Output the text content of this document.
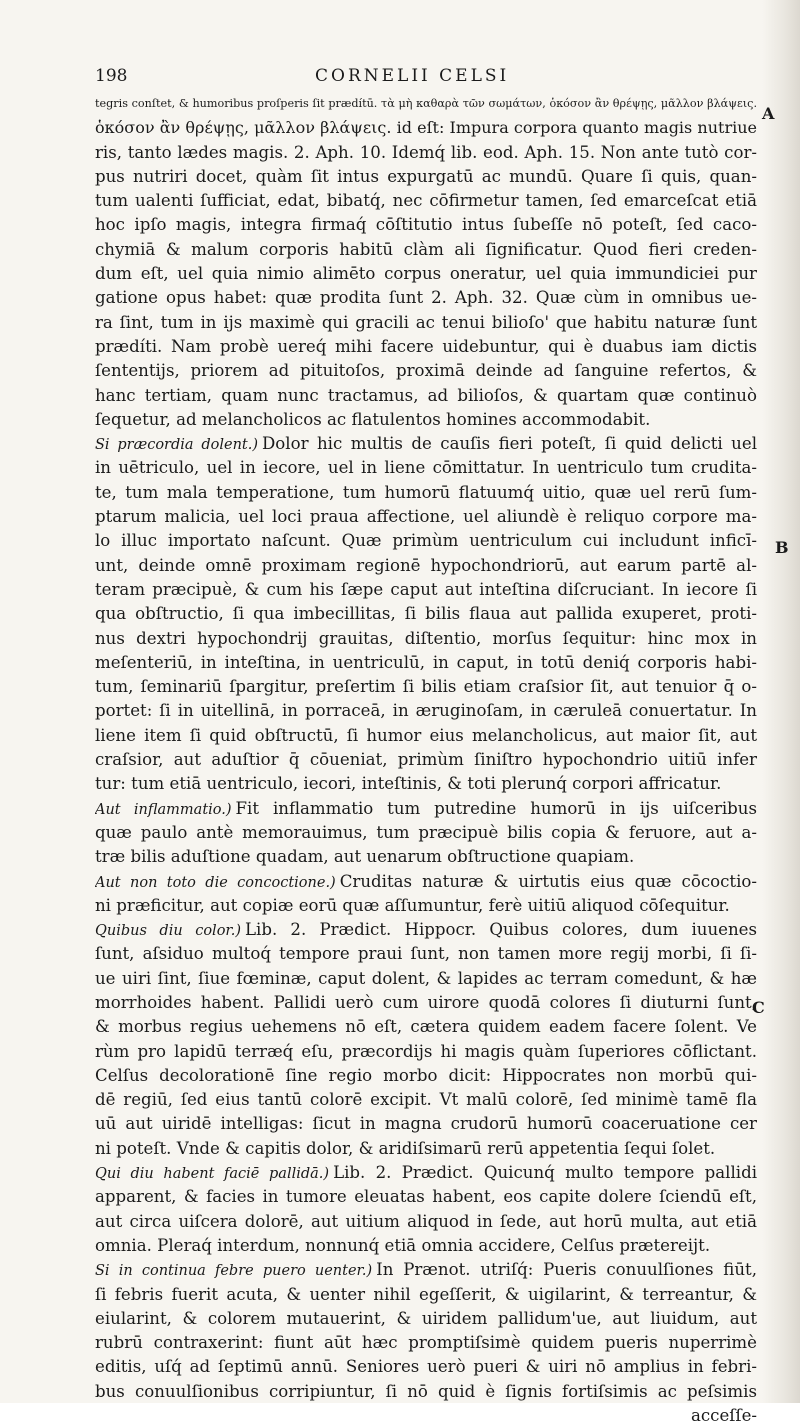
198	CORNELII CELSI
A
B
C
tegris conſtet, & humoribus proſperis ſit prædítū. τὰ μὴ καθαρὰ τῶν σωμάτων, ὁκόσον ἂν θρέψῃς, μᾶλλον βλάψεις.
ὁκόσον ἂν θρέψῃς, μᾶλλον βλάψεις. id eſt: Impura corpora quanto magis nutriue
ris, tanto lædes magis. 2. Aph. 10. Idemq́ lib. eod. Aph. 15. Non ante tutò cor-
pus nutriri docet, quàm ſit intus expurgatū ac mundū. Quare ſi quis, quan-
tum ualenti ſufficiat, edat, bibatq́, nec cōfirmetur tamen, ſed emarceſcat etiā
hoc ipſo magis, integra firmaq́ cōſtitutio intus ſubeſſe nō poteſt, ſed caco-
chymiā & malum corporis habitū clàm ali ſignificatur. Quod fieri creden-
dum eſt, uel quia nimio alimēto corpus oneratur, uel quia immundiciei pur
gatione opus habet: quæ prodita ſunt 2. Aph. 32. Quæ cùm in omnibus ue-
ra ſint, tum in ijs maximè qui gracili ac tenui bilioſo' que habitu naturæ ſunt
prædíti. Nam probè uereq́ mihi facere uidebuntur, qui è duabus iam dictis
ſententijs, priorem ad pituitoſos, proximā deinde ad ſanguine refertos, &
hanc tertiam, quam nunc tractamus, ad bilioſos, & quartam quæ continuò
ſequetur, ad melancholicos ac flatulentos homines accommodabit.
Si præcordia dolent.) Dolor hic multis de cauſis fieri poteſt, ſi quid delicti uel
in uētriculo, uel in iecore, uel in liene cōmittatur. In uentriculo tum crudita-
te, tum mala temperatione, tum humorū flatuumq́ uitio, quæ uel rerū ſum-
ptarum malicia, uel loci praua affectione, uel aliundè è reliquo corpore ma-
lo illuc importato naſcunt. Quæ primùm uentriculum cui includunt inficī-
unt, deinde omnē proximam regionē hypochondriorū, aut earum partē al-
teram præcipuè, & cum his ſæpe caput aut inteſtina diſcruciant. In iecore ſi
qua obſtructio, ſi qua imbecillitas, ſi bilis flaua aut pallida exuperet, proti-
nus dextri hypochondrij grauitas, diſtentio, morſus ſequitur: hinc mox in
meſenteriū, in inteſtina, in uentriculū, in caput, in totū deniq́ corporis habi-
tum, ſeminariū ſpargitur, preſertim ſi bilis etiam craſsior ſit, aut tenuior q̄ o-
portet: ſi in uitellinā, in porraceā, in æruginoſam, in cæruleā conuertatur. In
liene item ſi quid obſtructū, ſi humor eius melancholicus, aut maior ſit, aut
craſsior, aut aduſtior q̄ cōueniat, primùm ſiniſtro hypochondrio uitiū infer
tur: tum etiā uentriculo, iecori, inteſtinis, & toti plerunq́ corpori affricatur.
Aut inflammatio.) Fit inflammatio tum putredine humorū in ijs uiſceribus
quæ paulo antè memorauimus, tum præcipuè bilis copia & feruore, aut a-
træ bilis aduſtione quadam, aut uenarum obſtructione quapiam.
Aut non toto die concoctione.) Cruditas naturæ & uirtutis eius quæ cōcoctio-
ni præficitur, aut copiæ eorū quæ aſſumuntur, ferè uitiū aliquod cōſequitur.
Quibus diu color.) Lib. 2. Prædict. Hippocr. Quibus colores, dum iuuenes
ſunt, aſsiduo multoq́ tempore praui ſunt, non tamen more regij morbi, ſi ſi-
ue uiri ſint, ſiue fœminæ, caput dolent, & lapides ac terram comedunt, & hæ
morrhoides habent. Pallidi uerò cum uirore quodā colores ſi diuturni ſunt,
& morbus regius uehemens nō eſt, cætera quidem eadem facere ſolent. Ve
rùm pro lapidū terræq́ eſu, præcordijs hi magis quàm ſuperiores cōflictant.
Celſus decolorationē ſine regio morbo dicit: Hippocrates non morbū qui-
dē regiū, ſed eius tantū colorē excipit. Vt malū colorē, ſed minimè tamē fla
uū aut uiridē intelligas: ſicut in magna crudorū humorū coaceruatione cer
ni poteſt. Vnde & capitis dolor, & aridiſsimarū rerū appetentia ſequi ſolet.
Qui diu habent faciē pallidā.) Lib. 2. Prædict. Quicunq́ multo tempore pallidi
apparent, & facies in tumore eleuatas habent, eos capite dolere ſciendū eſt,
aut circa uiſcera dolorē, aut uitium aliquod in ſede, aut horū multa, aut etiā
omnia. Pleraq́ interdum, nonnunq́ etiā omnia accidere, Celſus prætereijt.
Si in continua febre puero uenter.) In Prænot. utriſq́: Pueris conuulſiones fiūt,
ſi febris fuerit acuta, & uenter nihil egeſſerit, & uigilarint, & terreantur, &
eiularint, & colorem mutauerint, & uiridem pallidum'ue, aut liuidum, aut
rubrū contraxerint: fiunt aūt hæc promptiſsimè quidem pueris nuperrimè
editis, uſq́ ad ſeptimū annū. Seniores uerò pueri & uiri nō amplius in febri-
bus conuulſionibus corripiuntur, ſi nō quid è ſignis fortiſsimis ac peſsimis
acceſſe-
